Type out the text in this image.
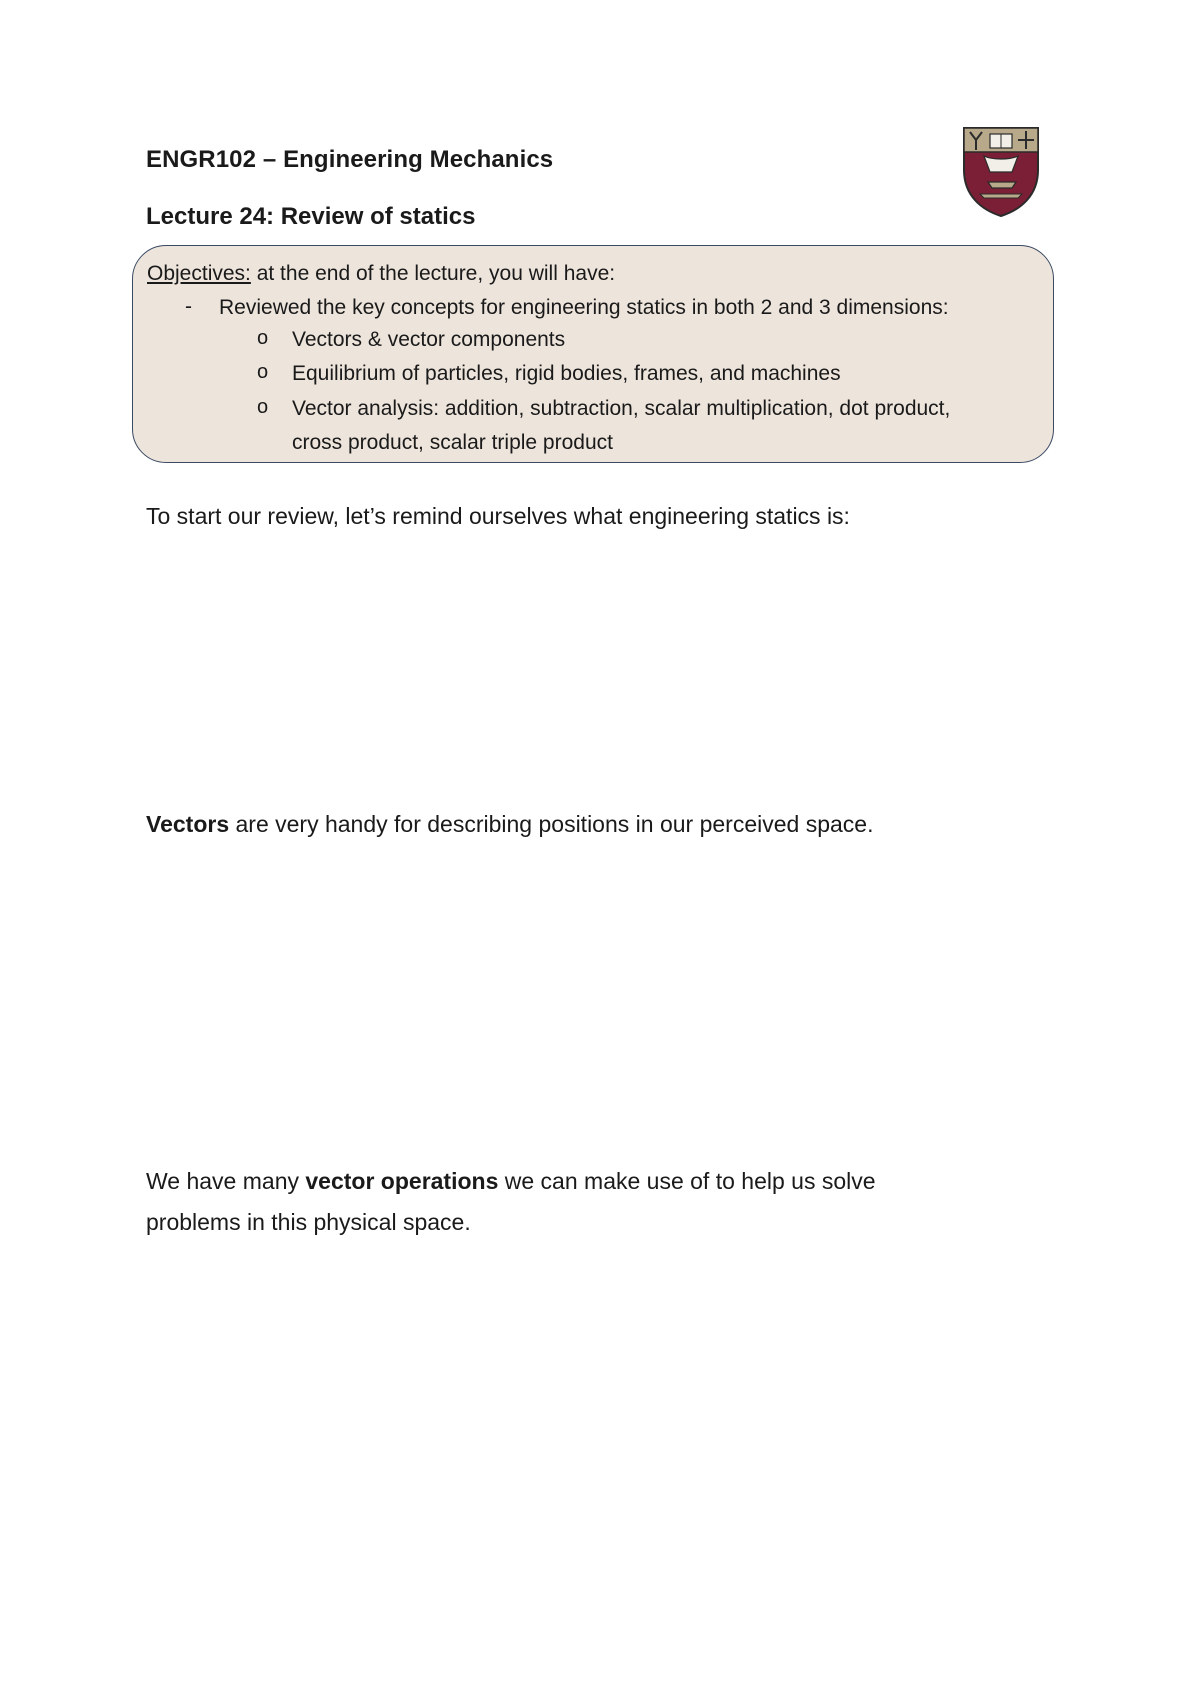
ENGR102 – Engineering Mechanics
Lecture 24: Review of statics
Objectives: at the end of the lecture, you will have:
- Reviewed the key concepts for engineering statics in both 2 and 3 dimensions:
o Vectors & vector components
o Equilibrium of particles, rigid bodies, frames, and machines
o Vector analysis: addition, subtraction, scalar multiplication, dot product,
cross product, scalar triple product

To start our review, let’s remind ourselves what engineering statics is:

Vectors are very handy for describing positions in our perceived space.

We have many vector operations we can make use of to help us solve
problems in this physical space.
